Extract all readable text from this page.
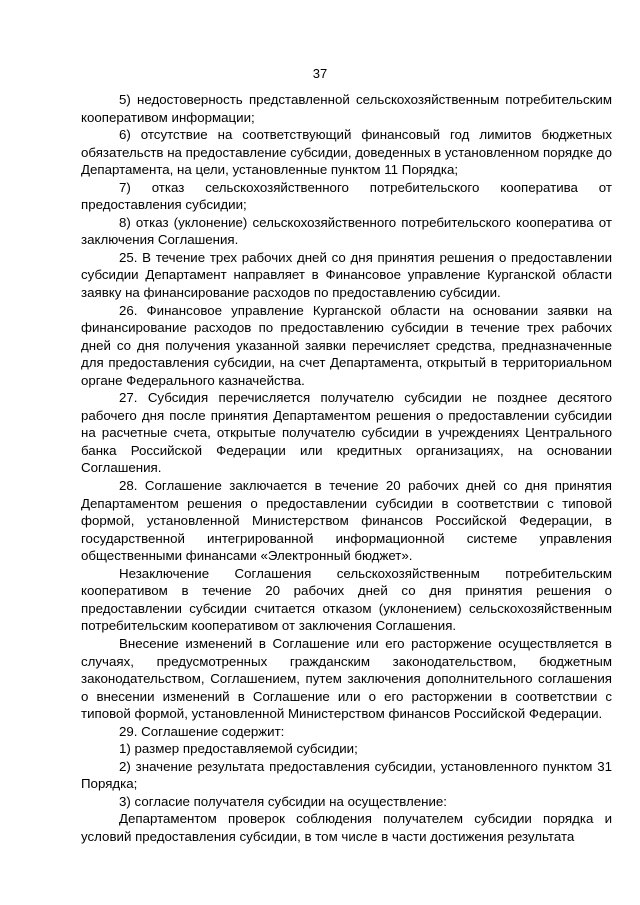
37

5) недостоверность представленной сельскохозяйственным потребительским кооперативом информации;

6) отсутствие на соответствующий финансовый год лимитов бюджетных обязательств на предоставление субсидии, доведенных в установленном порядке до Департамента, на цели, установленные пунктом 11 Порядка;

7) отказ сельскохозяйственного потребительского кооператива от предоставления субсидии;

8) отказ (уклонение) сельскохозяйственного потребительского кооператива от заключения Соглашения.

25. В течение трех рабочих дней со дня принятия решения о предоставлении субсидии Департамент направляет в Финансовое управление Курганской области заявку на финансирование расходов по предоставлению субсидии.

26. Финансовое управление Курганской области на основании заявки на финансирование расходов по предоставлению субсидии в течение трех рабочих дней со дня получения указанной заявки перечисляет средства, предназначенные для предоставления субсидии, на счет Департамента, открытый в территориальном органе Федерального казначейства.

27. Субсидия перечисляется получателю субсидии не позднее десятого рабочего дня после принятия Департаментом решения о предоставлении субсидии на расчетные счета, открытые получателю субсидии в учреждениях Центрального банка Российской Федерации или кредитных организациях, на основании Соглашения.

28. Соглашение заключается в течение 20 рабочих дней со дня принятия Департаментом решения о предоставлении субсидии в соответствии с типовой формой, установленной Министерством финансов Российской Федерации, в государственной интегрированной информационной системе управления общественными финансами «Электронный бюджет».

Незаключение Соглашения сельскохозяйственным потребительским кооперативом в течение 20 рабочих дней со дня принятия решения о предоставлении субсидии считается отказом (уклонением) сельскохозяйственным потребительским кооперативом от заключения Соглашения.

Внесение изменений в Соглашение или его расторжение осуществляется в случаях, предусмотренных гражданским законодательством, бюджетным законодательством, Соглашением, путем заключения дополнительного соглашения о внесении изменений в Соглашение или о его расторжении в соответствии с типовой формой, установленной Министерством финансов Российской Федерации.

29. Соглашение содержит:

1) размер предоставляемой субсидии;

2) значение результата предоставления субсидии, установленного пунктом 31 Порядка;

3) согласие получателя субсидии на осуществление:

Департаментом проверок соблюдения получателем субсидии порядка и условий предоставления субсидии, в том числе в части достижения результата
